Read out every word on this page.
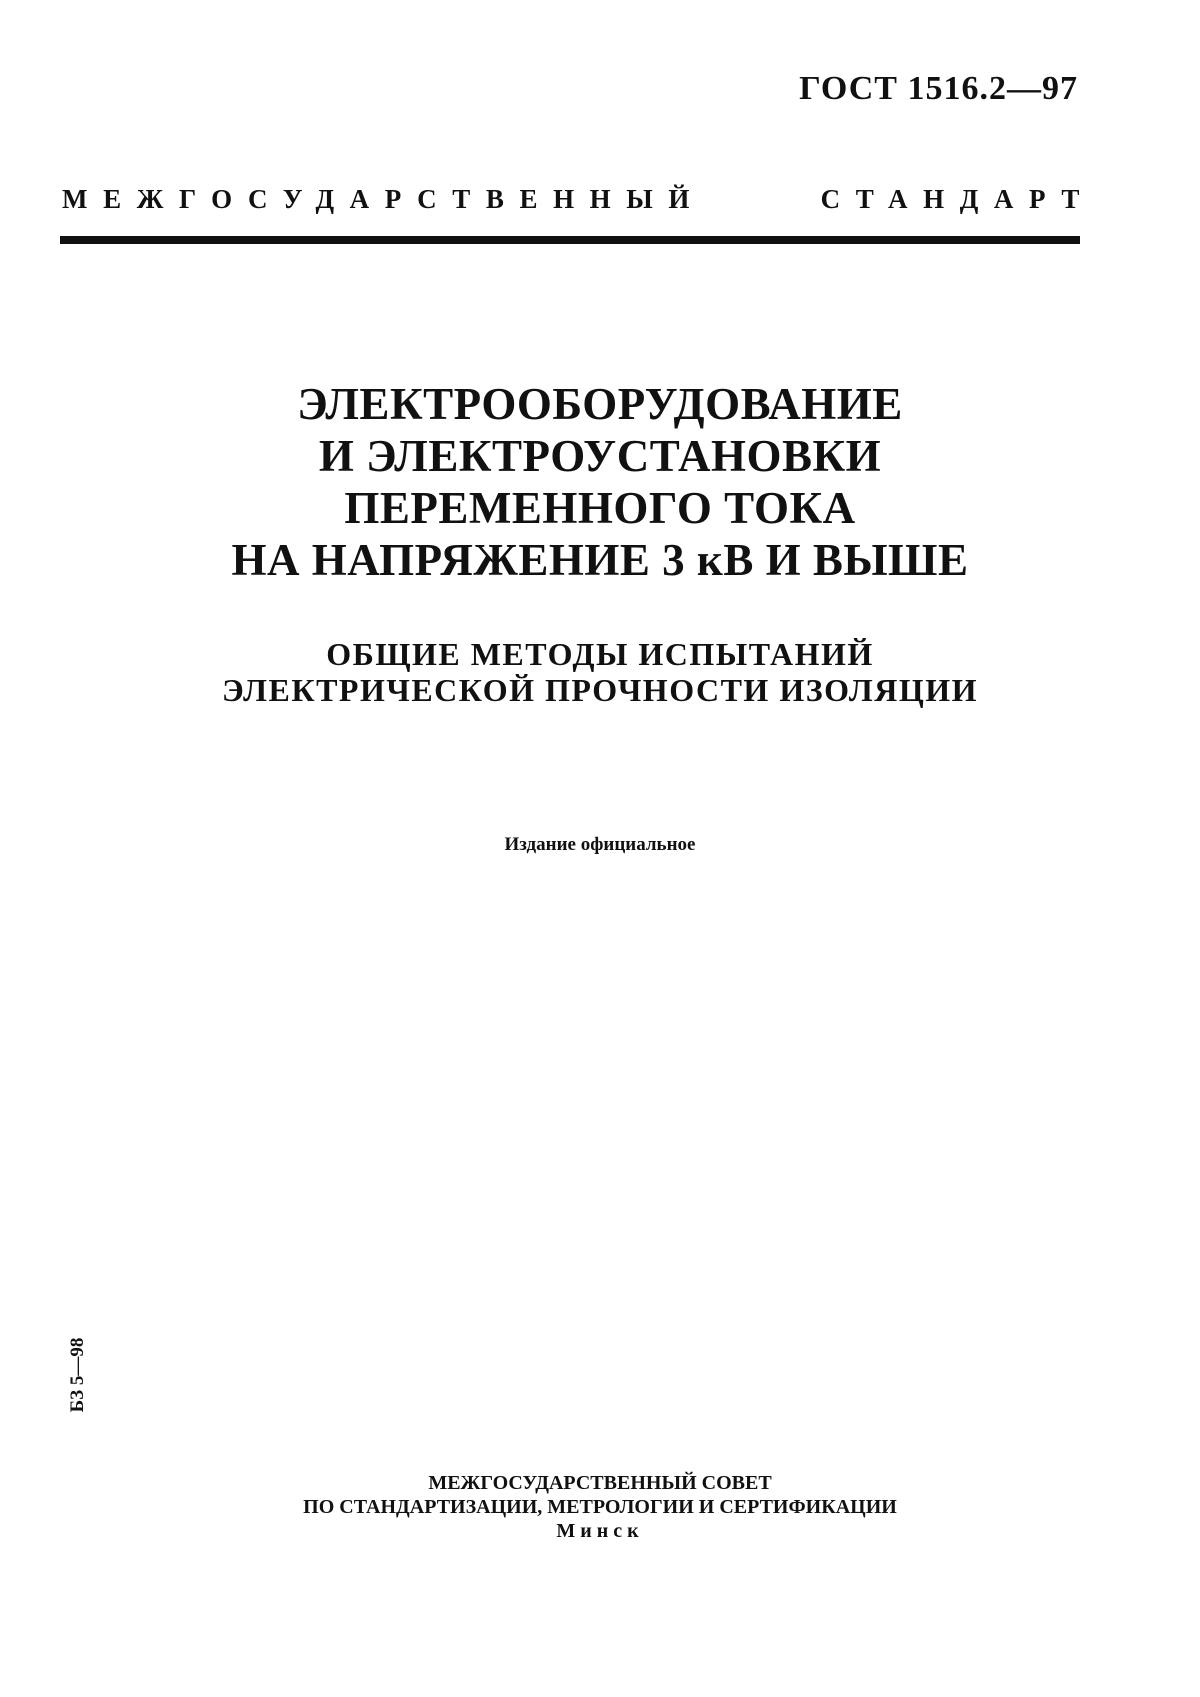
ГОСТ 1516.2—97
МЕЖГОСУДАРСТВЕННЫЙ	СТАНДАРТ
ЭЛЕКТРООБОРУДОВАНИЕ
И ЭЛЕКТРОУСТАНОВКИ
ПЕРЕМЕННОГО ТОКА
НА НАПРЯЖЕНИЕ 3 кВ И ВЫШЕ
ОБЩИЕ МЕТОДЫ ИСПЫТАНИЙ
ЭЛЕКТРИЧЕСКОЙ ПРОЧНОСТИ ИЗОЛЯЦИИ
Издание официальное
БЗ 5—98
МЕЖГОСУДАРСТВЕННЫЙ СОВЕТ
ПО СТАНДАРТИЗАЦИИ, МЕТРОЛОГИИ И СЕРТИФИКАЦИИ
Минск
